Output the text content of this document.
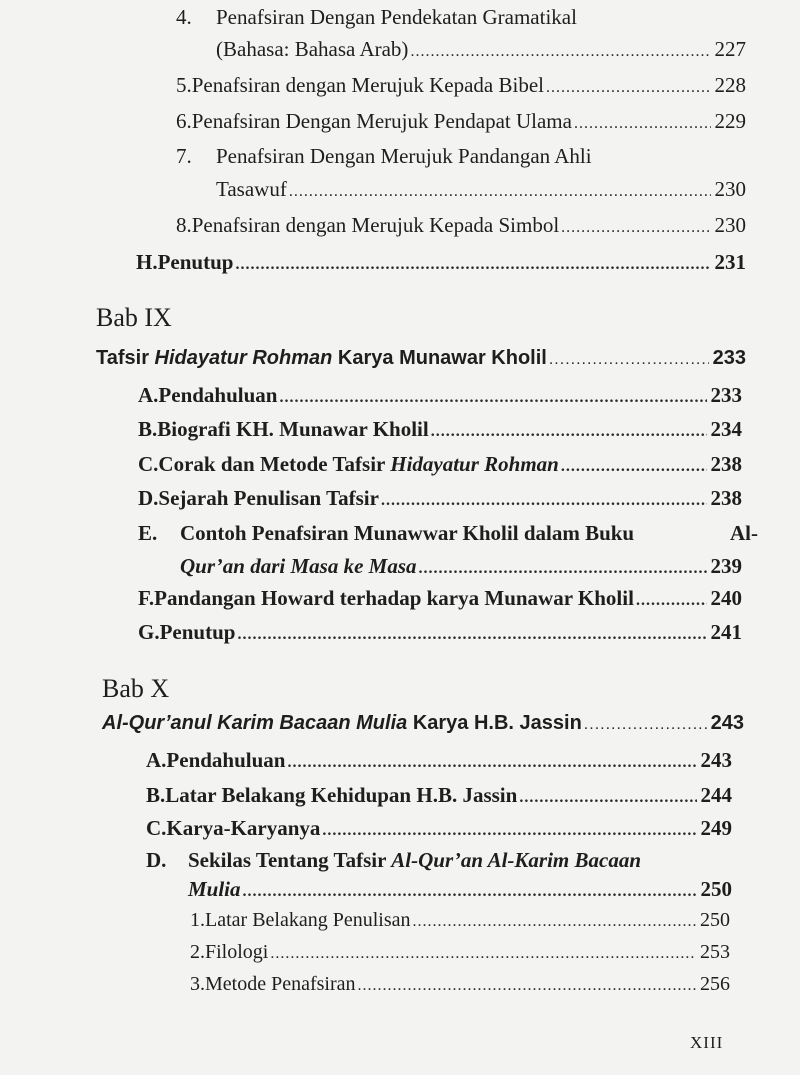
4.	Penafsiran Dengan Pendekatan Gramatikal
(Bahasa: Bahasa Arab) .....	227
5. Penafsiran dengan Merujuk Kepada Bibel .....	228
6. Penafsiran Dengan Merujuk Pendapat Ulama .....	229
7.	Penafsiran Dengan Merujuk Pandangan Ahli
Tasawuf .....	230
8. Penafsiran dengan Merujuk Kepada Simbol .....	230
H. Penutup .....	231
Bab IX
Tafsir Hidayatur Rohman Karya Munawar Kholil .....	233
A. Pendahuluan .....	233
B. Biografi KH. Munawar Kholil .....	234
C. Corak dan Metode Tafsir Hidayatur Rohman .....	238
D. Sejarah Penulisan Tafsir .....	238
E.	Contoh Penafsiran Munawwar Kholil dalam Buku	Al-
Qur’an dari Masa ke Masa .....	239
F. Pandangan Howard terhadap karya Munawar Kholil .....	240
G. Penutup .....	241
Bab X
Al-Qur’anul Karim Bacaan Mulia Karya H.B. Jassin .....	243
A. Pendahuluan .....	243
B. Latar Belakang Kehidupan H.B. Jassin .....	244
C. Karya-Karyanya .....	249
D.	Sekilas Tentang Tafsir Al-Qur’an Al-Karim Bacaan
Mulia .....	250
1. Latar Belakang Penulisan .....	250
2. Filologi .....	253
3. Metode Penafsiran .....	256
XIII
